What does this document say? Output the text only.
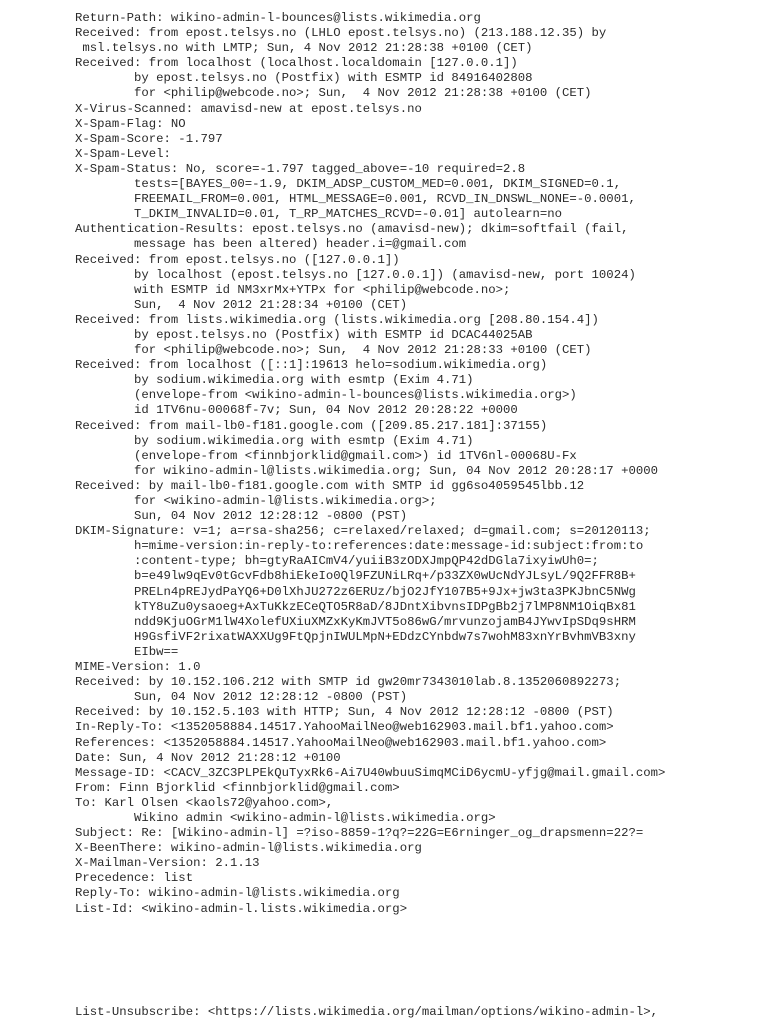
Return-Path: wikino-admin-l-bounces@lists.wikimedia.org
Received: from epost.telsys.no (LHLO epost.telsys.no) (213.188.12.35) by
msl.telsys.no with LMTP; Sun, 4 Nov 2012 21:28:38 +0100 (CET)
Received: from localhost (localhost.localdomain [127.0.0.1])
by epost.telsys.no (Postfix) with ESMTP id 84916402808
for <philip@webcode.no>; Sun,  4 Nov 2012 21:28:38 +0100 (CET)
X-Virus-Scanned: amavisd-new at epost.telsys.no
X-Spam-Flag: NO
X-Spam-Score: -1.797
X-Spam-Level:
X-Spam-Status: No, score=-1.797 tagged_above=-10 required=2.8
tests=[BAYES_00=-1.9, DKIM_ADSP_CUSTOM_MED=0.001, DKIM_SIGNED=0.1,
FREEMAIL_FROM=0.001, HTML_MESSAGE=0.001, RCVD_IN_DNSWL_NONE=-0.0001,
T_DKIM_INVALID=0.01, T_RP_MATCHES_RCVD=-0.01] autolearn=no
Authentication-Results: epost.telsys.no (amavisd-new); dkim=softfail (fail,
message has been altered) header.i=@gmail.com
Received: from epost.telsys.no ([127.0.0.1])
by localhost (epost.telsys.no [127.0.0.1]) (amavisd-new, port 10024)
with ESMTP id NM3xrMx+YTPx for <philip@webcode.no>;
Sun,  4 Nov 2012 21:28:34 +0100 (CET)
Received: from lists.wikimedia.org (lists.wikimedia.org [208.80.154.4])
by epost.telsys.no (Postfix) with ESMTP id DCAC44025AB
for <philip@webcode.no>; Sun,  4 Nov 2012 21:28:33 +0100 (CET)
Received: from localhost ([::1]:19613 helo=sodium.wikimedia.org)
by sodium.wikimedia.org with esmtp (Exim 4.71)
(envelope-from <wikino-admin-l-bounces@lists.wikimedia.org>)
id 1TV6nu-00068f-7v; Sun, 04 Nov 2012 20:28:22 +0000
Received: from mail-lb0-f181.google.com ([209.85.217.181]:37155)
by sodium.wikimedia.org with esmtp (Exim 4.71)
(envelope-from <finnbjorklid@gmail.com>) id 1TV6nl-00068U-Fx
for wikino-admin-l@lists.wikimedia.org; Sun, 04 Nov 2012 20:28:17 +0000
Received: by mail-lb0-f181.google.com with SMTP id gg6so4059545lbb.12
for <wikino-admin-l@lists.wikimedia.org>;
Sun, 04 Nov 2012 12:28:12 -0800 (PST)
DKIM-Signature: v=1; a=rsa-sha256; c=relaxed/relaxed; d=gmail.com; s=20120113;
h=mime-version:in-reply-to:references:date:message-id:subject:from:to
:content-type; bh=gtyRaAICmV4/yuiiB3zODXJmpQP42dDGla7ixyiwUh0=;
b=e49lw9qEv0tGcvFdb8hiEkeIo0Ql9FZUNiLRq+/p33ZX0wUcNdYJLsyL/9Q2FFR8B+
PRELn4pREJydPaYQ6+D0lXhJU272z6ERUz/bjO2JfY107B5+9Jx+jw3ta3PKJbnC5NWg
kTY8uZu0ysaoeg+AxTuKkzECeQTO5R8aD/8JDntXibvnsIDPgBb2j7lMP8NM1OiqBx81
ndd9KjuOGrM1lW4XolefUXiuXMZxKyKmJVT5o86wG/mrvunzojamB4JYwvIpSDq9sHRM
H9GsfiVF2rixatWAXXUg9FtQpjnIWULMpN+EDdzCYnbdw7s7wohM83xnYrBvhmVB3xny
EIbw==
MIME-Version: 1.0
Received: by 10.152.106.212 with SMTP id gw20mr7343010lab.8.1352060892273;
Sun, 04 Nov 2012 12:28:12 -0800 (PST)
Received: by 10.152.5.103 with HTTP; Sun, 4 Nov 2012 12:28:12 -0800 (PST)
In-Reply-To: <1352058884.14517.YahooMailNeo@web162903.mail.bf1.yahoo.com>
References: <1352058884.14517.YahooMailNeo@web162903.mail.bf1.yahoo.com>
Date: Sun, 4 Nov 2012 21:28:12 +0100
Message-ID: <CACV_3ZC3PLPEkQuTyxRk6-Ai7U40wbuuSimqMCiD6ycmU-yfjg@mail.gmail.com>
From: Finn Bjorklid <finnbjorklid@gmail.com>
To: Karl Olsen <kaols72@yahoo.com>,
Wikino admin <wikino-admin-l@lists.wikimedia.org>
Subject: Re: [Wikino-admin-l] =?iso-8859-1?q?=22G=E6rninger_og_drapsmenn=22?=
X-BeenThere: wikino-admin-l@lists.wikimedia.org
X-Mailman-Version: 2.1.13
Precedence: list
Reply-To: wikino-admin-l@lists.wikimedia.org
List-Id: <wikino-admin-l.lists.wikimedia.org>
List-Unsubscribe: <https://lists.wikimedia.org/mailman/options/wikino-admin-l>,
